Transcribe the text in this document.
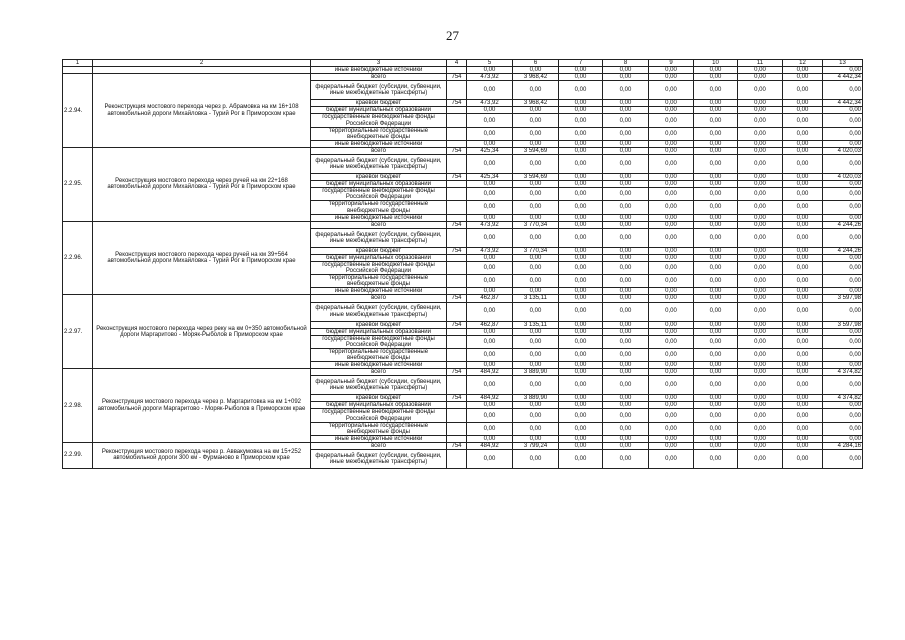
27
1	2	3	4	5	6	7	8	9	10	11	12	13
		иные внебюджетные источники		0,00	0,00	0,00	0,00	0,00	0,00	0,00	0,00	0,00
2.2.94.	Реконструкция мостового перехода через р. Абрамовка на км 16+108 автомобильной дороги Михайловка - Турий Рог в Приморском крае	всего	754	473,92	3 968,42	0,00	0,00	0,00	0,00	0,00	0,00	4 442,34
		федеральный бюджет (субсидии, субвенции, иные межбюджетные трансферты)		0,00	0,00	0,00	0,00	0,00	0,00	0,00	0,00	0,00
		краевой бюджет	754	473,92	3 968,42	0,00	0,00	0,00	0,00	0,00	0,00	4 442,34
		бюджет муниципальных образований		0,00	0,00	0,00	0,00	0,00	0,00	0,00	0,00	0,00
		государственные внебюджетные фонды Российской Федерации		0,00	0,00	0,00	0,00	0,00	0,00	0,00	0,00	0,00
		территориальные государственные внебюджетные фонды		0,00	0,00	0,00	0,00	0,00	0,00	0,00	0,00	0,00
		иные внебюджетные источники		0,00	0,00	0,00	0,00	0,00	0,00	0,00	0,00	0,00
2.2.95.	Реконструкция мостового перехода через ручей на км 22+168 автомобильной дороги Михайловка - Турий Рог в Приморском крае	всего	754	425,34	3 594,69	0,00	0,00	0,00	0,00	0,00	0,00	4 020,03
		федеральный бюджет (субсидии, субвенции, иные межбюджетные трансферты)		0,00	0,00	0,00	0,00	0,00	0,00	0,00	0,00	0,00
		краевой бюджет	754	425,34	3 594,69	0,00	0,00	0,00	0,00	0,00	0,00	4 020,03
		бюджет муниципальных образований		0,00	0,00	0,00	0,00	0,00	0,00	0,00	0,00	0,00
		государственные внебюджетные фонды Российской Федерации		0,00	0,00	0,00	0,00	0,00	0,00	0,00	0,00	0,00
		территориальные государственные внебюджетные фонды		0,00	0,00	0,00	0,00	0,00	0,00	0,00	0,00	0,00
		иные внебюджетные источники		0,00	0,00	0,00	0,00	0,00	0,00	0,00	0,00	0,00
2.2.96.	Реконструкция мостового перехода через ручей на км 39+564 автомобильной дороги Михайловка - Турий Рог в Приморском крае	всего	754	473,92	3 770,34	0,00	0,00	0,00	0,00	0,00	0,00	4 244,26
		федеральный бюджет (субсидии, субвенции, иные межбюджетные трансферты)		0,00	0,00	0,00	0,00	0,00	0,00	0,00	0,00	0,00
		краевой бюджет	754	473,92	3 770,34	0,00	0,00	0,00	0,00	0,00	0,00	4 244,26
		бюджет муниципальных образований		0,00	0,00	0,00	0,00	0,00	0,00	0,00	0,00	0,00
		государственные внебюджетные фонды Российской Федерации		0,00	0,00	0,00	0,00	0,00	0,00	0,00	0,00	0,00
		территориальные государственные внебюджетные фонды		0,00	0,00	0,00	0,00	0,00	0,00	0,00	0,00	0,00
		иные внебюджетные источники		0,00	0,00	0,00	0,00	0,00	0,00	0,00	0,00	0,00
2.2.97.	Реконструкция мостового перехода через реку на км 0+350 автомобильной дороги Маргаритово - Моряк-Рыболов в Приморском крае	всего	754	462,87	3 135,11	0,00	0,00	0,00	0,00	0,00	0,00	3 597,98
		федеральный бюджет (субсидии, субвенции, иные межбюджетные трансферты)		0,00	0,00	0,00	0,00	0,00	0,00	0,00	0,00	0,00
		краевой бюджет	754	462,87	3 135,11	0,00	0,00	0,00	0,00	0,00	0,00	3 597,98
		бюджет муниципальных образований		0,00	0,00	0,00	0,00	0,00	0,00	0,00	0,00	0,00
		государственные внебюджетные фонды Российской Федерации		0,00	0,00	0,00	0,00	0,00	0,00	0,00	0,00	0,00
		территориальные государственные внебюджетные фонды		0,00	0,00	0,00	0,00	0,00	0,00	0,00	0,00	0,00
		иные внебюджетные источники		0,00	0,00	0,00	0,00	0,00	0,00	0,00	0,00	0,00
2.2.98.	Реконструкция мостового перехода через р. Маргаритовка на км 1+092 автомобильной дороги Маргаритово - Моряк-Рыболов в Приморском крае	всего	754	484,92	3 889,90	0,00	0,00	0,00	0,00	0,00	0,00	4 374,82
		федеральный бюджет (субсидии, субвенции, иные межбюджетные трансферты)		0,00	0,00	0,00	0,00	0,00	0,00	0,00	0,00	0,00
		краевой бюджет	754	484,92	3 889,90	0,00	0,00	0,00	0,00	0,00	0,00	4 374,82
		бюджет муниципальных образований		0,00	0,00	0,00	0,00	0,00	0,00	0,00	0,00	0,00
		государственные внебюджетные фонды Российской Федерации		0,00	0,00	0,00	0,00	0,00	0,00	0,00	0,00	0,00
		территориальные государственные внебюджетные фонды		0,00	0,00	0,00	0,00	0,00	0,00	0,00	0,00	0,00
		иные внебюджетные источники		0,00	0,00	0,00	0,00	0,00	0,00	0,00	0,00	0,00
2.2.99.	Реконструкция мостового перехода через р. Аввакумовка на км 15+252 автомобильной дороги 300 км - Фурманово в Приморском крае	всего	754	484,92	3 799,24	0,00	0,00	0,00	0,00	0,00	0,00	4 284,16
		федеральный бюджет (субсидии, субвенции, иные межбюджетные трансферты)		0,00	0,00	0,00	0,00	0,00	0,00	0,00	0,00	0,00
